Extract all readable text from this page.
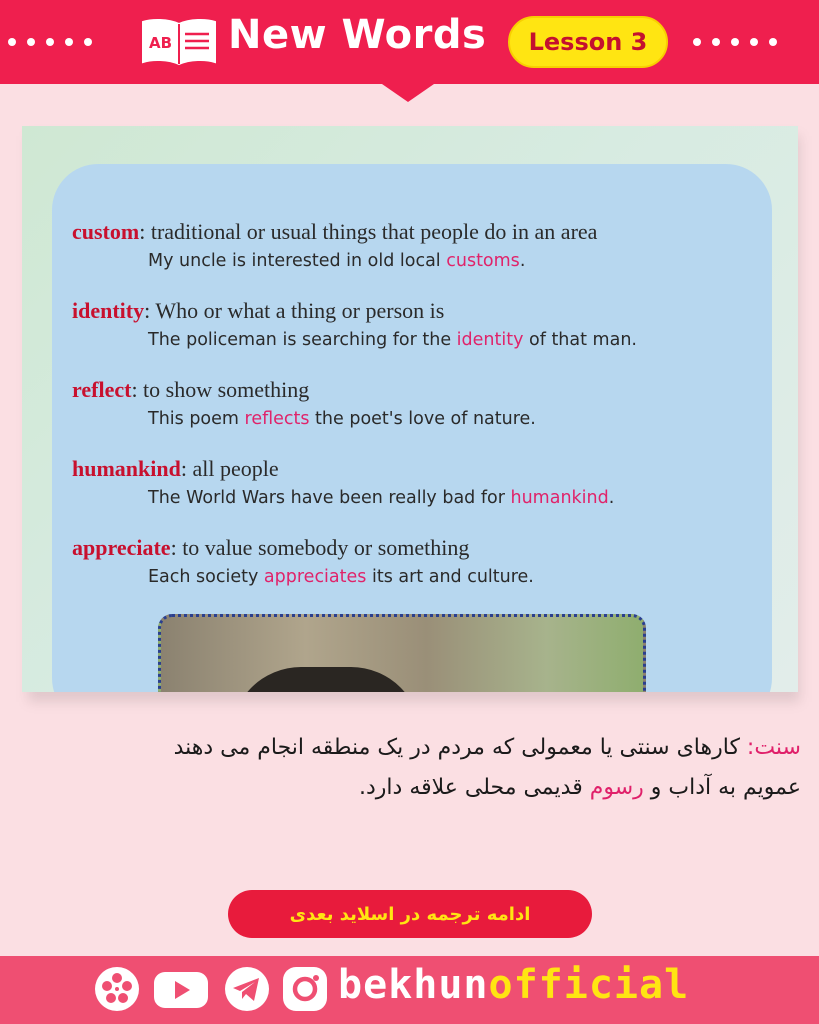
AB New Words	Lesson 3
custom: traditional or usual things that people do in an area
My uncle is interested in old local customs.
identity: Who or what a thing or person is
The policeman is searching for the identity of that man.
reflect: to show something
This poem reflects the poet's love of nature.
humankind: all people
The World Wars have been really bad for humankind.
appreciate: to value somebody or something
Each society appreciates its art and culture.
سنت: کارهای سنتی یا معمولی که مردم در یک منطقه انجام می دهند
عمویم به آداب و رسوم قدیمی محلی علاقه دارد.
ادامه ترجمه در اسلاید بعدی
bekhunofficial
